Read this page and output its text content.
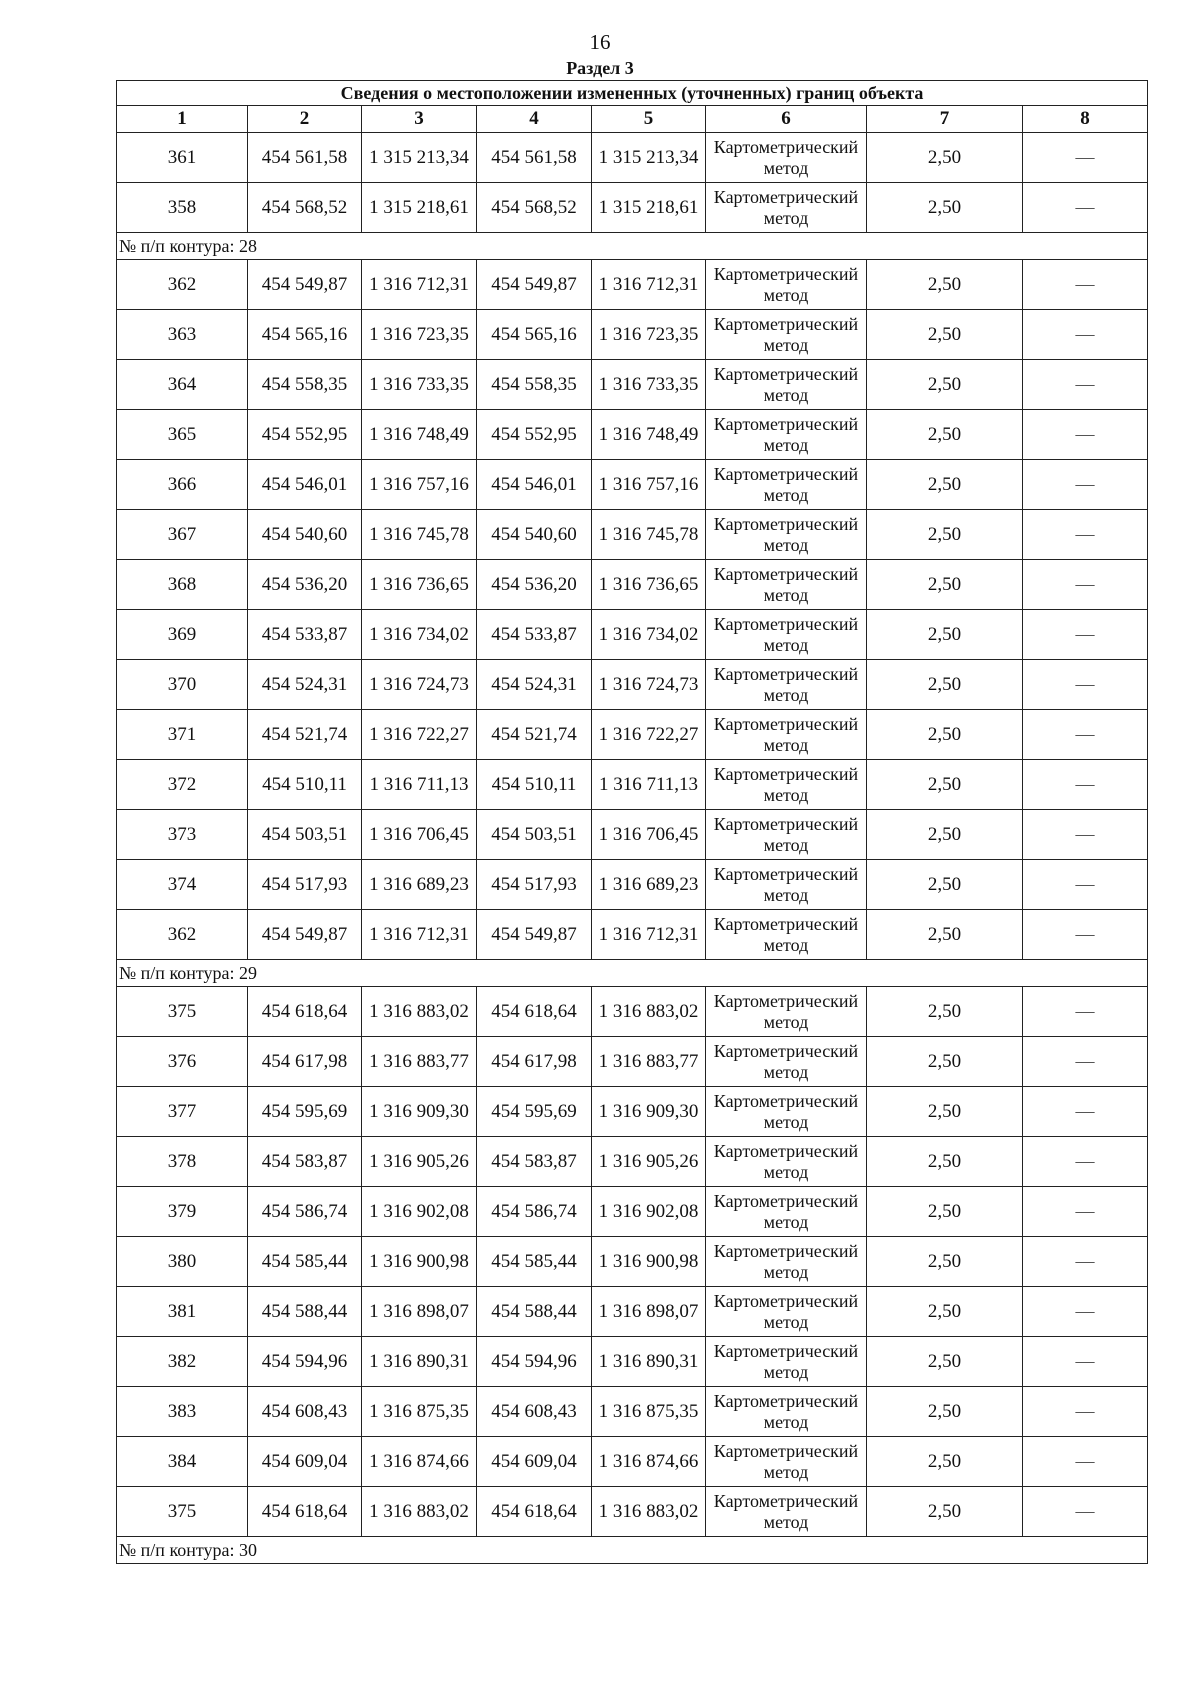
16
Раздел 3
Сведения о местоположении измененных (уточненных) границ объекта							
1	2	3	4	5	6	7	8
361	454 561,58	1 315 213,34	454 561,58	1 315 213,34	Картометрический метод	2,50	—
358	454 568,52	1 315 218,61	454 568,52	1 315 218,61	Картометрический метод	2,50	—
№ п/п контура: 28							
362	454 549,87	1 316 712,31	454 549,87	1 316 712,31	Картометрический метод	2,50	—
363	454 565,16	1 316 723,35	454 565,16	1 316 723,35	Картометрический метод	2,50	—
364	454 558,35	1 316 733,35	454 558,35	1 316 733,35	Картометрический метод	2,50	—
365	454 552,95	1 316 748,49	454 552,95	1 316 748,49	Картометрический метод	2,50	—
366	454 546,01	1 316 757,16	454 546,01	1 316 757,16	Картометрический метод	2,50	—
367	454 540,60	1 316 745,78	454 540,60	1 316 745,78	Картометрический метод	2,50	—
368	454 536,20	1 316 736,65	454 536,20	1 316 736,65	Картометрический метод	2,50	—
369	454 533,87	1 316 734,02	454 533,87	1 316 734,02	Картометрический метод	2,50	—
370	454 524,31	1 316 724,73	454 524,31	1 316 724,73	Картометрический метод	2,50	—
371	454 521,74	1 316 722,27	454 521,74	1 316 722,27	Картометрический метод	2,50	—
372	454 510,11	1 316 711,13	454 510,11	1 316 711,13	Картометрический метод	2,50	—
373	454 503,51	1 316 706,45	454 503,51	1 316 706,45	Картометрический метод	2,50	—
374	454 517,93	1 316 689,23	454 517,93	1 316 689,23	Картометрический метод	2,50	—
362	454 549,87	1 316 712,31	454 549,87	1 316 712,31	Картометрический метод	2,50	—
№ п/п контура: 29							
375	454 618,64	1 316 883,02	454 618,64	1 316 883,02	Картометрический метод	2,50	—
376	454 617,98	1 316 883,77	454 617,98	1 316 883,77	Картометрический метод	2,50	—
377	454 595,69	1 316 909,30	454 595,69	1 316 909,30	Картометрический метод	2,50	—
378	454 583,87	1 316 905,26	454 583,87	1 316 905,26	Картометрический метод	2,50	—
379	454 586,74	1 316 902,08	454 586,74	1 316 902,08	Картометрический метод	2,50	—
380	454 585,44	1 316 900,98	454 585,44	1 316 900,98	Картометрический метод	2,50	—
381	454 588,44	1 316 898,07	454 588,44	1 316 898,07	Картометрический метод	2,50	—
382	454 594,96	1 316 890,31	454 594,96	1 316 890,31	Картометрический метод	2,50	—
383	454 608,43	1 316 875,35	454 608,43	1 316 875,35	Картометрический метод	2,50	—
384	454 609,04	1 316 874,66	454 609,04	1 316 874,66	Картометрический метод	2,50	—
375	454 618,64	1 316 883,02	454 618,64	1 316 883,02	Картометрический метод	2,50	—
№ п/п контура: 30							
